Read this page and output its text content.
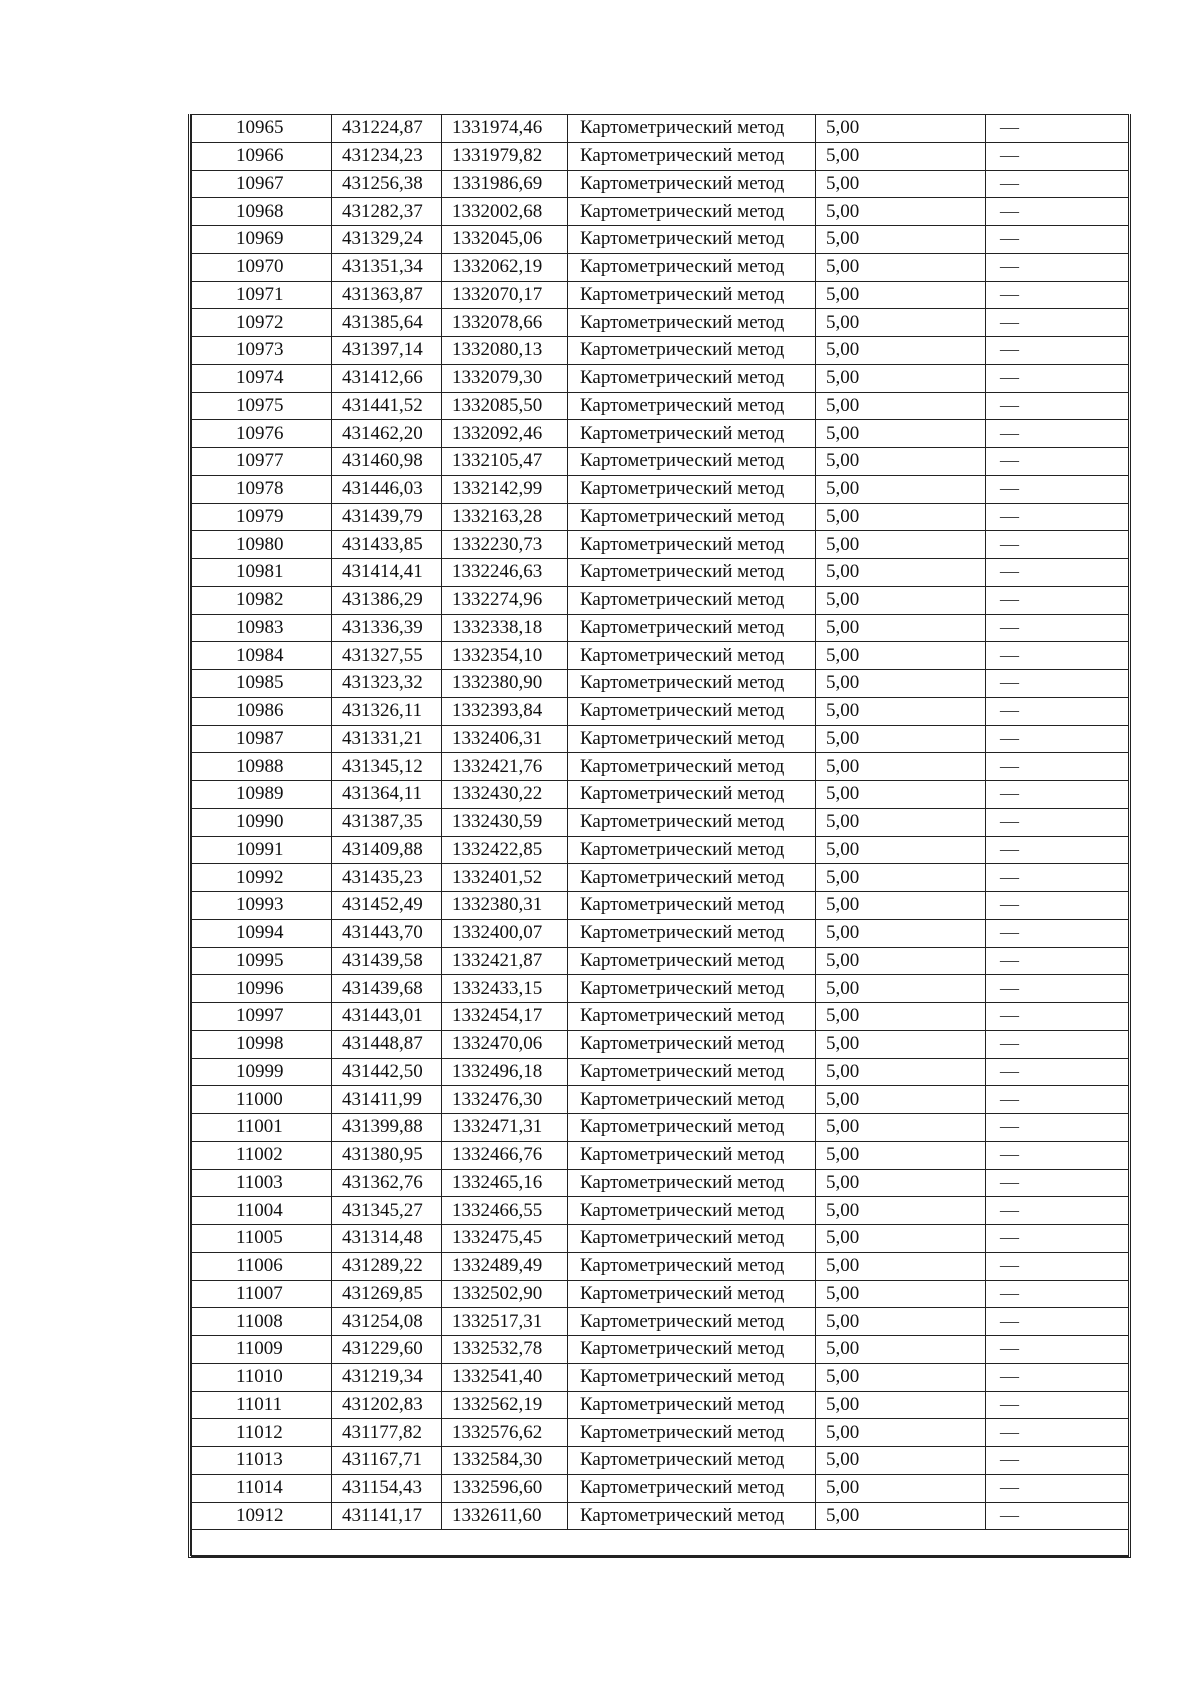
10965	431224,87	1331974,46	Картометрический метод	5,00	—
10966	431234,23	1331979,82	Картометрический метод	5,00	—
10967	431256,38	1331986,69	Картометрический метод	5,00	—
10968	431282,37	1332002,68	Картометрический метод	5,00	—
10969	431329,24	1332045,06	Картометрический метод	5,00	—
10970	431351,34	1332062,19	Картометрический метод	5,00	—
10971	431363,87	1332070,17	Картометрический метод	5,00	—
10972	431385,64	1332078,66	Картометрический метод	5,00	—
10973	431397,14	1332080,13	Картометрический метод	5,00	—
10974	431412,66	1332079,30	Картометрический метод	5,00	—
10975	431441,52	1332085,50	Картометрический метод	5,00	—
10976	431462,20	1332092,46	Картометрический метод	5,00	—
10977	431460,98	1332105,47	Картометрический метод	5,00	—
10978	431446,03	1332142,99	Картометрический метод	5,00	—
10979	431439,79	1332163,28	Картометрический метод	5,00	—
10980	431433,85	1332230,73	Картометрический метод	5,00	—
10981	431414,41	1332246,63	Картометрический метод	5,00	—
10982	431386,29	1332274,96	Картометрический метод	5,00	—
10983	431336,39	1332338,18	Картометрический метод	5,00	—
10984	431327,55	1332354,10	Картометрический метод	5,00	—
10985	431323,32	1332380,90	Картометрический метод	5,00	—
10986	431326,11	1332393,84	Картометрический метод	5,00	—
10987	431331,21	1332406,31	Картометрический метод	5,00	—
10988	431345,12	1332421,76	Картометрический метод	5,00	—
10989	431364,11	1332430,22	Картометрический метод	5,00	—
10990	431387,35	1332430,59	Картометрический метод	5,00	—
10991	431409,88	1332422,85	Картометрический метод	5,00	—
10992	431435,23	1332401,52	Картометрический метод	5,00	—
10993	431452,49	1332380,31	Картометрический метод	5,00	—
10994	431443,70	1332400,07	Картометрический метод	5,00	—
10995	431439,58	1332421,87	Картометрический метод	5,00	—
10996	431439,68	1332433,15	Картометрический метод	5,00	—
10997	431443,01	1332454,17	Картометрический метод	5,00	—
10998	431448,87	1332470,06	Картометрический метод	5,00	—
10999	431442,50	1332496,18	Картометрический метод	5,00	—
11000	431411,99	1332476,30	Картометрический метод	5,00	—
11001	431399,88	1332471,31	Картометрический метод	5,00	—
11002	431380,95	1332466,76	Картометрический метод	5,00	—
11003	431362,76	1332465,16	Картометрический метод	5,00	—
11004	431345,27	1332466,55	Картометрический метод	5,00	—
11005	431314,48	1332475,45	Картометрический метод	5,00	—
11006	431289,22	1332489,49	Картометрический метод	5,00	—
11007	431269,85	1332502,90	Картометрический метод	5,00	—
11008	431254,08	1332517,31	Картометрический метод	5,00	—
11009	431229,60	1332532,78	Картометрический метод	5,00	—
11010	431219,34	1332541,40	Картометрический метод	5,00	—
11011	431202,83	1332562,19	Картометрический метод	5,00	—
11012	431177,82	1332576,62	Картометрический метод	5,00	—
11013	431167,71	1332584,30	Картометрический метод	5,00	—
11014	431154,43	1332596,60	Картометрический метод	5,00	—
10912	431141,17	1332611,60	Картометрический метод	5,00	—
